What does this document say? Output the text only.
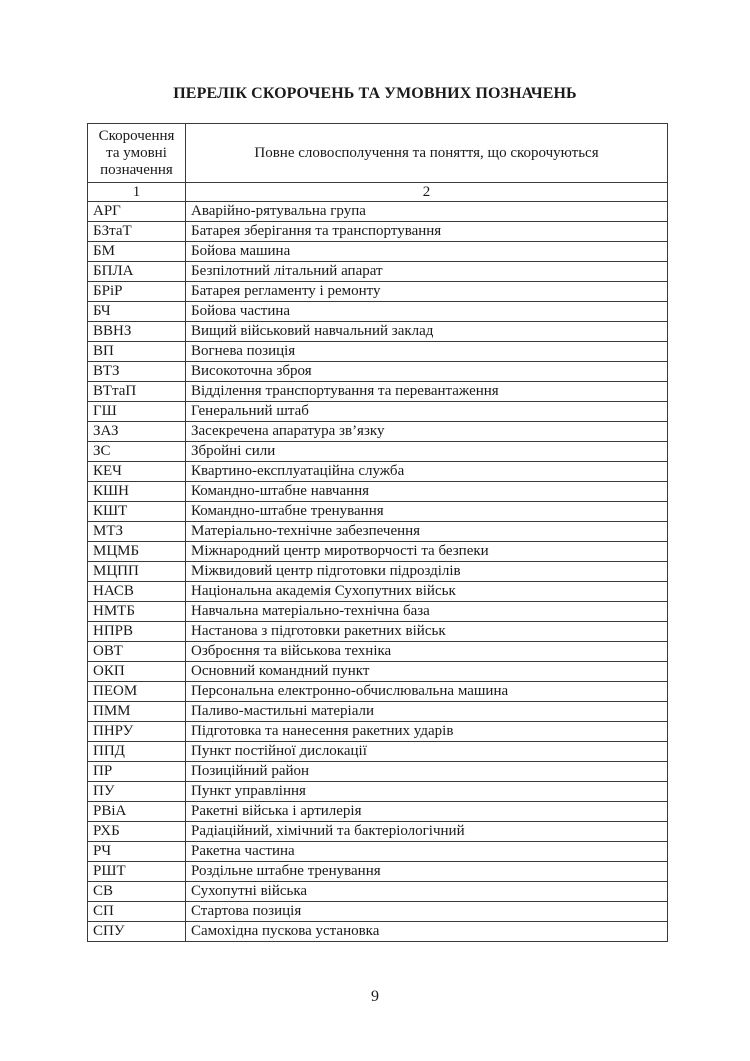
ПЕРЕЛІК СКОРОЧЕНЬ ТА УМОВНИХ ПОЗНАЧЕНЬ
Скорочення
та умовні
позначення	Повне словосполучення та поняття, що скорочуються
1	2
АРГ	Аварійно-рятувальна група
БЗтаТ	Батарея зберігання та транспортування
БМ	Бойова машина
БПЛА	Безпілотний літальний апарат
БРіР	Батарея регламенту і ремонту
БЧ	Бойова частина
ВВНЗ	Вищий військовий навчальний заклад
ВП	Вогнева позиція
ВТЗ	Високоточна зброя
ВТтаП	Відділення транспортування та перевантаження
ГШ	Генеральний штаб
ЗАЗ	Засекречена апаратура зв’язку
ЗС	Збройні сили
КЕЧ	Квартино-експлуатаційна служба
КШН	Командно-штабне навчання
КШТ	Командно-штабне тренування
МТЗ	Матеріально-технічне забезпечення
МЦМБ	Міжнародний центр миротворчості та безпеки
МЦПП	Міжвидовий центр підготовки підрозділів
НАСВ	Національна академія Сухопутних військ
НМТБ	Навчальна матеріально-технічна база
НПРВ	Настанова з підготовки ракетних військ
ОВТ	Озброєння та військова техніка
ОКП	Основний командний пункт
ПЕОМ	Персональна електронно-обчислювальна машина
ПММ	Паливо-мастильні матеріали
ПНРУ	Підготовка та нанесення ракетних ударів
ППД	Пункт постійної дислокації
ПР	Позиційний район
ПУ	Пункт управління
РВіА	Ракетні війська і артилерія
РХБ	Радіаційний, хімічний та бактеріологічний
РЧ	Ракетна частина
РШТ	Роздільне штабне тренування
СВ	Сухопутні війська
СП	Стартова позиція
СПУ	Самохідна пускова установка
9
